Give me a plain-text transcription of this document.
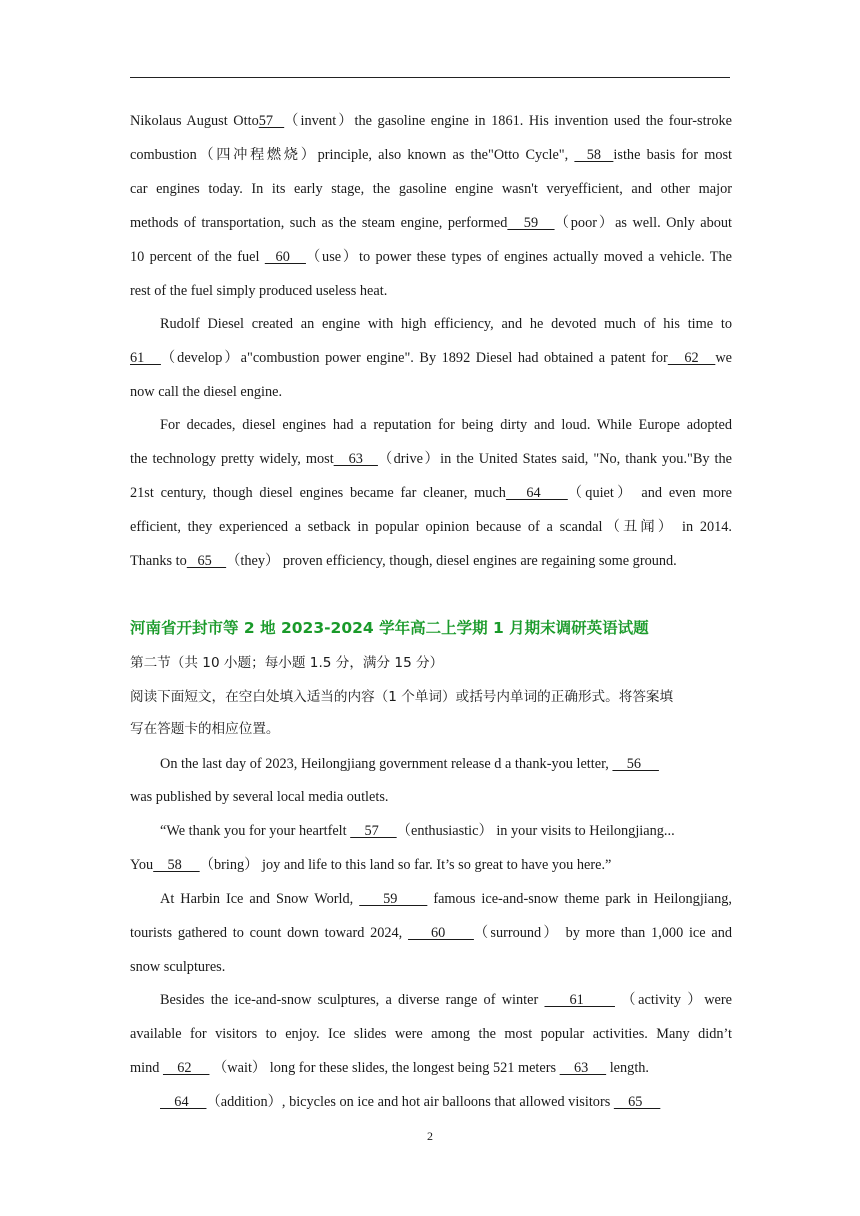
Nikolaus August Otto57  （invent）the gasoline engine in 1861. His invention used the four-stroke
combustion（四冲程燃烧）principle, also known as the"Otto Cycle",   58  isthe basis for most
car engines today. In its early stage, the gasoline engine wasn't veryefficient, and other major
methods of transportation, such as the steam engine, performed   59   （poor）as well. Only about
10 percent of the fuel   60   （use）to power these types of engines actually moved a vehicle. The
rest of the fuel simply produced useless heat.
Rudolf Diesel created an engine with high efficiency, and he devoted much of his time to
61   （develop）a"combustion power engine". By 1892 Diesel had obtained a patent for   62   we
now call the diesel engine.
For decades, diesel engines had a reputation for being dirty and loud. While Europe adopted
the technology pretty widely, most   63   （drive）in the United States said, "No, thank you."By the
21st century, though diesel engines became far cleaner, much   64    （quiet） and even more
efficient, they experienced a setback in popular opinion because of a scandal（丑闻） in 2014.
Thanks to   65    （they） proven efficiency, though, diesel engines are regaining some ground.
河南省开封市等 2 地 2023-2024 学年高二上学期 1 月期末调研英语试题
第二节（共 10 小题；每小题 1.5 分，满分 15 分）
阅读下面短文，在空白处填入适当的内容（1 个单词）或括号内单词的正确形式。将答案填
写在答题卡的相应位置。
On the last day of 2023, Heilongjiang government release d a thank-you letter,     56
was published by several local media outlets.
“We thank you for your heartfelt     57     （enthusiastic） in your visits to Heilongjiang...
You    58     （bring） joy and life to this land so far. It’s so great to have you here.”
At Harbin Ice and Snow World,     59      famous ice-and-snow theme park in Heilongjiang,
tourists gathered to count down toward 2024,     60     （surround） by more than 1,000 ice and
snow sculptures.
Besides the ice-and-snow sculptures, a diverse range of winter     61      （activity ）were
available for visitors to enjoy. Ice slides were among the most popular activities. Many didn’t
mind     62      （wait） long for these slides, the longest being 521 meters     63      length.
64     （addition）, bicycles on ice and hot air balloons that allowed visitors     65
2
